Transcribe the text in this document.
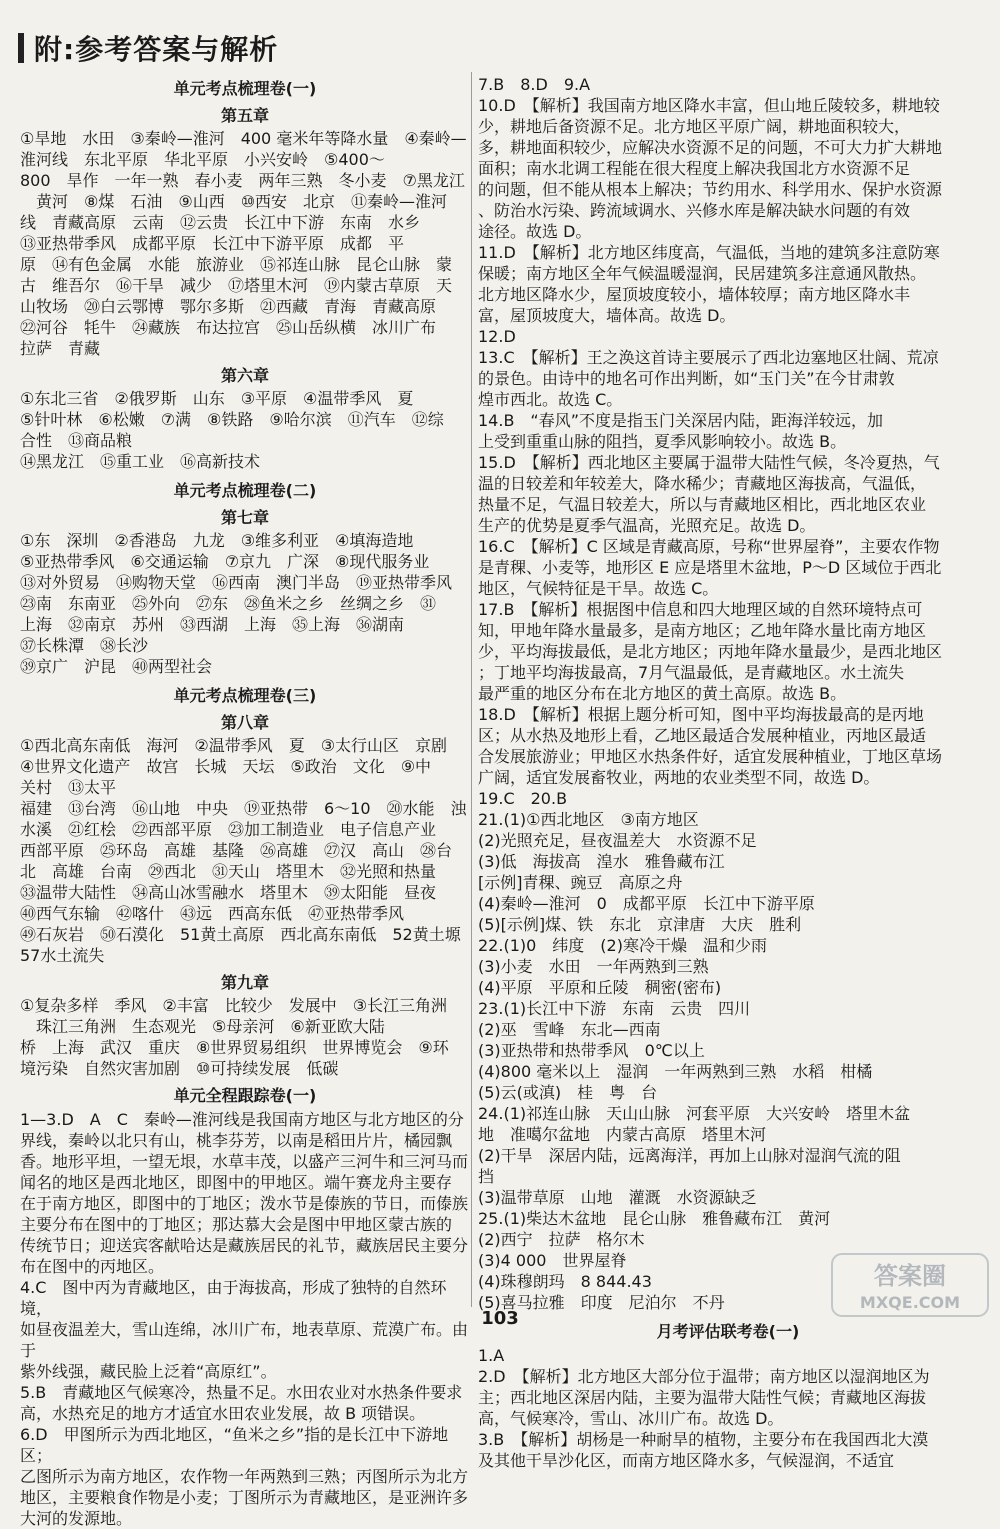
附:参考答案与解析
单元考点梳理卷(一)
第五章
①旱地　水田　③秦岭—淮河　400 毫米年等降水量　④秦岭—
淮河线　东北平原　华北平原　小兴安岭　⑤400～
800　旱作　一年一熟　春小麦　两年三熟　冬小麦　⑦黑龙江
　黄河　⑧煤　石油　⑨山西　⑩西安　北京　⑪秦岭—淮河
线　青藏高原　云南　⑫云贵　长江中下游　东南　水乡
⑬亚热带季风　成都平原　长江中下游平原　成都　平
原　⑭有色金属　水能　旅游业　⑮祁连山脉　昆仑山脉　蒙
古　维吾尔　⑯干旱　减少　⑰塔里木河　⑲内蒙古草原　天
山牧场　⑳白云鄂博　鄂尔多斯　㉑西藏　青海　青藏高原
㉒河谷　牦牛　㉔藏族　布达拉宫　㉕山岳纵横　冰川广布
拉萨　青藏
第六章
①东北三省　②俄罗斯　山东　③平原　④温带季风　夏
⑤针叶林　⑥松嫩　⑦满　⑧铁路　⑨哈尔滨　⑪汽车　⑫综
合性　⑬商品粮
⑭黑龙江　⑮重工业　⑯高新技术
单元考点梳理卷(二)
第七章
①东　深圳　②香港岛　九龙　③维多利亚　④填海造地
⑤亚热带季风　⑥交通运输　⑦京九　广深　⑧现代服务业
⑬对外贸易　⑭购物天堂　⑯西南　澳门半岛　⑲亚热带季风
㉓南　东南亚　㉕外向　㉗东　㉘鱼米之乡　丝绸之乡　㉛
上海　㉜南京　苏州　㉝西湖　上海　㉟上海　㊱湖南
㊲长株潭　㊳长沙
㊴京广　沪昆　㊵两型社会
单元考点梳理卷(三)
第八章
①西北高东南低　海河　②温带季风　夏　③太行山区　京剧
④世界文化遗产　故宫　长城　天坛　⑤政治　文化　⑨中
关村　⑬太平
福建　⑬台湾　⑯山地　中央　⑲亚热带　6～10　⑳水能　浊
水溪　㉑红桧　㉒西部平原　㉓加工制造业　电子信息产业
西部平原　㉕环岛　高雄　基隆　㉖高雄　㉗汉　高山　㉘台
北　高雄　台南　㉙西北　㉛天山　塔里木　㉜光照和热量
㉝温带大陆性　㉞高山冰雪融水　塔里木　㊴太阳能　昼夜
㊵西气东输　㊷喀什　㊸远　西高东低　㊼亚热带季风
㊾石灰岩　㊿石漠化　51黄土高原　西北高东南低　52黄土塬
57水土流失
第九章
①复杂多样　季风　②丰富　比较少　发展中　③长江三角洲
　珠江三角洲　生态观光　⑤母亲河　⑥新亚欧大陆
桥　上海　武汉　重庆　⑧世界贸易组织　世界博览会　⑨环
境污染　自然灾害加剧　⑩可持续发展　低碳
单元全程跟踪卷(一)
1—3.D　A　C　秦岭—淮河线是我国南方地区与北方地区的分
界线，秦岭以北只有山，桃李芬芳，以南是稻田片片，橘园飘
香。地形平坦，一望无垠，水草丰茂，以盛产三河牛和三河马而
闻名的地区是西北地区，即图中的甲地区。端午赛龙舟主要存
在于南方地区，即图中的丁地区；泼水节是傣族的节日，而傣族
主要分布在图中的丁地区；那达慕大会是图中甲地区蒙古族的
传统节日；迎送宾客献哈达是藏族居民的礼节，藏族居民主要分
布在图中的丙地区。
4.C　图中丙为青藏地区，由于海拔高，形成了独特的自然环境，
如昼夜温差大，雪山连绵，冰川广布，地表草原、荒漠广布。由于
紫外线强，藏民脸上泛着“高原红”。
5.B　青藏地区气候寒冷，热量不足。水田农业对水热条件要求
高，水热充足的地方才适宜水田农业发展，故 B 项错误。
6.D　甲图所示为西北地区，“鱼米之乡”指的是长江中下游地区；
乙图所示为南方地区，农作物一年两熟到三熟；丙图所示为北方
地区，主要粮食作物是小麦；丁图所示为青藏地区，是亚洲许多
大河的发源地。
7.B　8.D　9.A
10.D　【解析】我国南方地区降水丰富，但山地丘陵较多，耕地较
少，耕地后备资源不足。北方地区平原广阔，耕地面积较大，
多，耕地面积较少，应解决水资源不足的问题，不可大力扩大耕地
面积；南水北调工程能在很大程度上解决我国北方水资源不足
的问题，但不能从根本上解决；节约用水、科学用水、保护水资源
、防治水污染、跨流域调水、兴修水库是解决缺水问题的有效
途径。故选 D。
11.D　【解析】北方地区纬度高，气温低，当地的建筑多注意防寒
保暖；南方地区全年气候温暖湿润，民居建筑多注意通风散热。
北方地区降水少，屋顶坡度较小，墙体较厚；南方地区降水丰
富，屋顶坡度大，墙体高。故选 D。
12.D
13.C　【解析】王之涣这首诗主要展示了西北边塞地区壮阔、荒凉
的景色。由诗中的地名可作出判断，如“玉门关”在今甘肃敦
煌市西北。故选 C。
14.B　“春风”不度是指玉门关深居内陆，距海洋较远，加
上受到重重山脉的阻挡，夏季风影响较小。故选 B。
15.D　【解析】西北地区主要属于温带大陆性气候，冬冷夏热，气
温的日较差和年较差大，降水稀少；青藏地区海拔高，气温低，
热量不足，气温日较差大，所以与青藏地区相比，西北地区农业
生产的优势是夏季气温高，光照充足。故选 D。
16.C　【解析】C 区域是青藏高原，号称“世界屋脊”，主要农作物
是青稞、小麦等，地形区 E 应是塔里木盆地，P～D 区域位于西北
地区，气候特征是干旱。故选 C。
17.B　【解析】根据图中信息和四大地理区域的自然环境特点可
知，甲地年降水量最多，是南方地区；乙地年降水量比南方地区
少，平均海拔最低，是北方地区；丙地年降水量最少，是西北地区
；丁地平均海拔最高，7月气温最低，是青藏地区。水土流失
最严重的地区分布在北方地区的黄土高原。故选 B。
18.D　【解析】根据上题分析可知，图中平均海拔最高的是丙地
区；从水热及地形上看，乙地区最适合发展种植业，丙地区最适
合发展旅游业；甲地区水热条件好，适宜发展种植业，丁地区草场
广阔，适宜发展畜牧业，两地的农业类型不同，故选 D。
19.C　20.B
21.(1)①西北地区　③南方地区
(2)光照充足，昼夜温差大　水资源不足
(3)低　海拔高　湟水　雅鲁藏布江
[示例]青稞、豌豆　高原之舟
(4)秦岭—淮河　0　成都平原　长江中下游平原
(5)[示例]煤、铁　东北　京津唐　大庆　胜利
22.(1)0　纬度　(2)寒冷干燥　温和少雨
(3)小麦　水田　一年两熟到三熟
(4)平原　平原和丘陵　稠密(密布)
23.(1)长江中下游　东南　云贵　四川
(2)巫　雪峰　东北—西南
(3)亚热带和热带季风　0℃以上
(4)800 毫米以上　湿润　一年两熟到三熟　水稻　柑橘
(5)云(或滇)　桂　粤　台
24.(1)祁连山脉　天山山脉　河套平原　大兴安岭　塔里木盆
地　准噶尔盆地　内蒙古高原　塔里木河
(2)干旱　深居内陆，远离海洋，再加上山脉对湿润气流的阻
挡
(3)温带草原　山地　灌溉　水资源缺乏
25.(1)柴达木盆地　昆仑山脉　雅鲁藏布江　黄河
(2)西宁　拉萨　格尔木
(3)4 000　世界屋脊
(4)珠穆朗玛　8 844.43
(5)喜马拉雅　印度　尼泊尔　不丹
月考评估联考卷(一)
1.A
2.D　【解析】北方地区大部分位于温带；南方地区以湿润地区为
主；西北地区深居内陆，主要为温带大陆性气候；青藏地区海拔
高，气候寒冷，雪山、冰川广布。故选 D。
3.B　【解析】胡杨是一种耐旱的植物，主要分布在我国西北大漠
及其他干旱沙化区，而南方地区降水多，气候湿润，不适宜
103
答案圈
MXQE.COM
